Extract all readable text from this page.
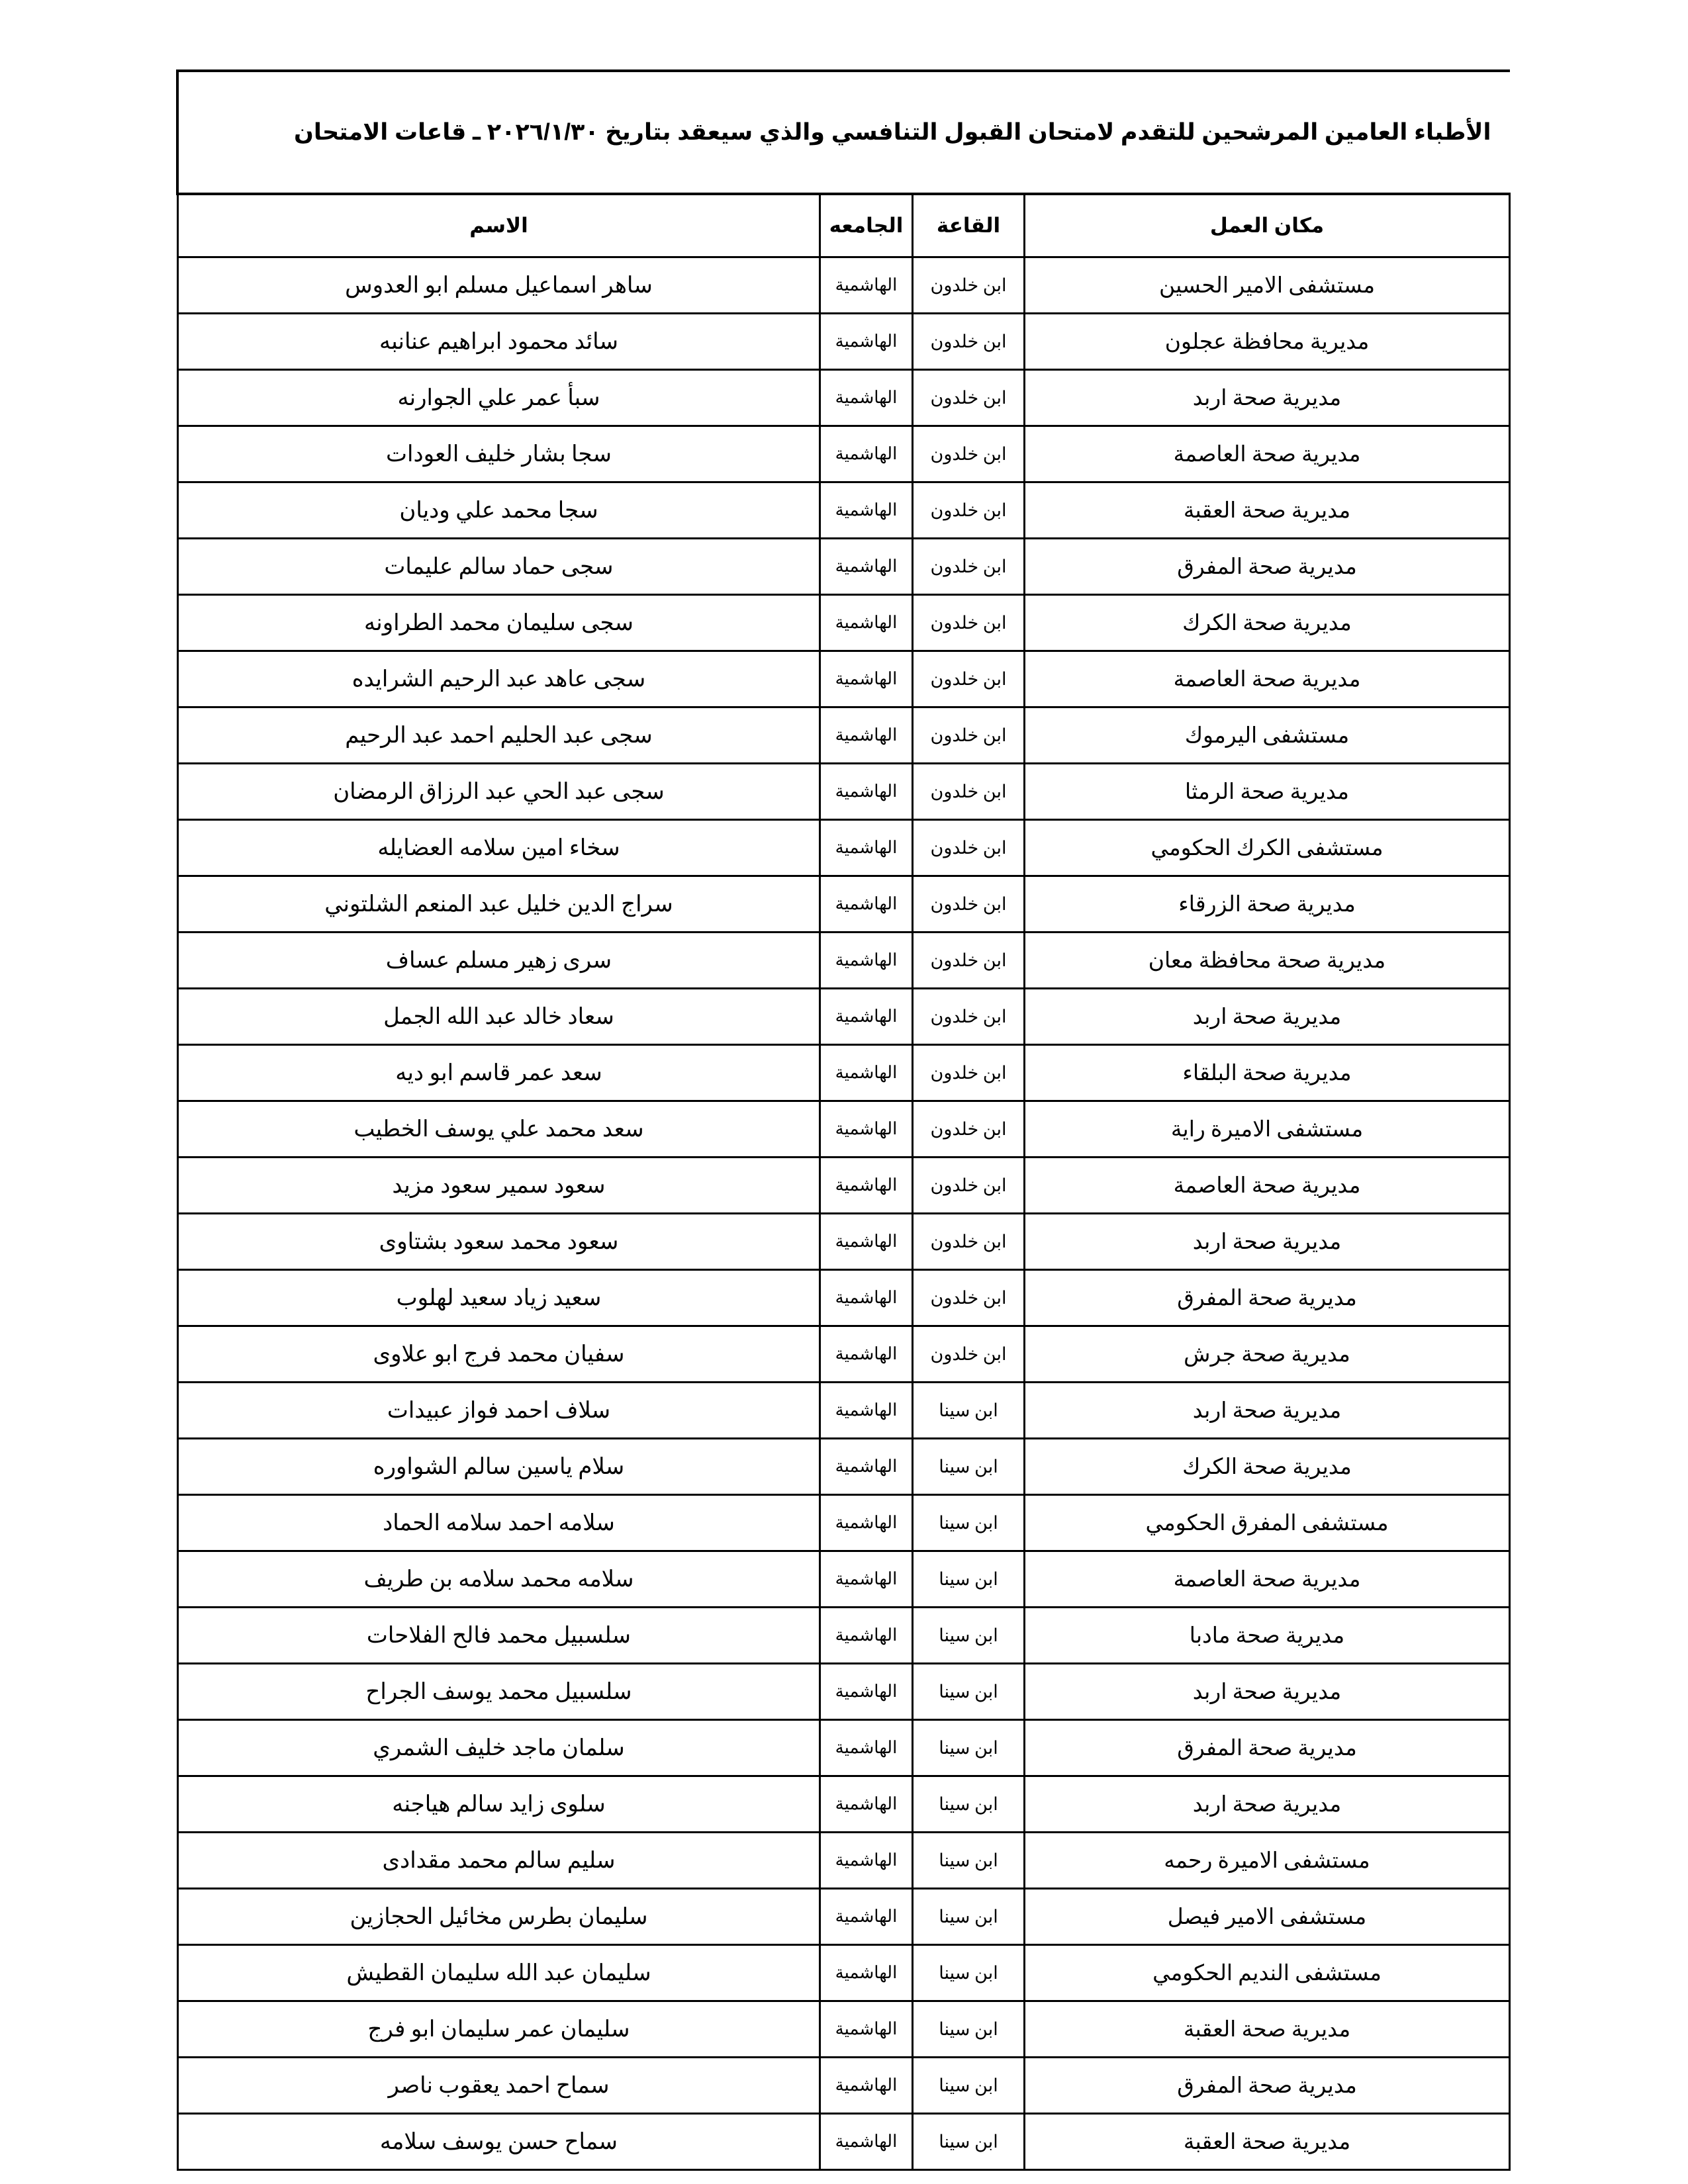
الأطباء العامين المرشحين للتقدم لامتحان القبول التنافسي والذي سيعقد بتاريخ ٢٠٢٦/١/٣٠ ـ قاعات الامتحان			

مكان العمل	القاعة	الجامعه	الاسم

مستشفى الامير الحسين	ابن خلدون	الهاشمية	ساهر اسماعيل مسلم ابو العدوس

مديرية محافظة عجلون	ابن خلدون	الهاشمية	سائد محمود ابراهيم عنانبه

مديرية صحة اربد	ابن خلدون	الهاشمية	سبأ عمر علي الجوارنه

مديرية صحة العاصمة	ابن خلدون	الهاشمية	سجا بشار خليف العودات

مديرية صحة العقبة	ابن خلدون	الهاشمية	سجا محمد علي وديان

مديرية صحة المفرق	ابن خلدون	الهاشمية	سجى حماد سالم عليمات

مديرية صحة الكرك	ابن خلدون	الهاشمية	سجى سليمان محمد الطراونه

مديرية صحة العاصمة	ابن خلدون	الهاشمية	سجى عاهد عبد الرحيم الشرايده

مستشفى اليرموك	ابن خلدون	الهاشمية	سجى عبد الحليم احمد عبد الرحيم

مديرية صحة الرمثا	ابن خلدون	الهاشمية	سجى عبد الحي عبد الرزاق الرمضان

مستشفى الكرك الحكومي	ابن خلدون	الهاشمية	سخاء امين سلامه العضايله

مديرية صحة الزرقاء	ابن خلدون	الهاشمية	سراج الدين خليل عبد المنعم الشلتوني

مديرية صحة محافظة معان	ابن خلدون	الهاشمية	سرى زهير مسلم عساف

مديرية صحة اربد	ابن خلدون	الهاشمية	سعاد خالد عبد الله الجمل

مديرية صحة البلقاء	ابن خلدون	الهاشمية	سعد عمر قاسم ابو ديه

مستشفى الاميرة راية	ابن خلدون	الهاشمية	سعد محمد علي يوسف الخطيب

مديرية صحة العاصمة	ابن خلدون	الهاشمية	سعود سمير سعود مزيد

مديرية صحة اربد	ابن خلدون	الهاشمية	سعود محمد سعود بشتاوى

مديرية صحة المفرق	ابن خلدون	الهاشمية	سعيد زياد سعيد لهلوب

مديرية صحة جرش	ابن خلدون	الهاشمية	سفيان محمد فرج ابو علاوى

مديرية صحة اربد	ابن سينا	الهاشمية	سلاف احمد فواز عبيدات

مديرية صحة الكرك	ابن سينا	الهاشمية	سلام ياسين سالم الشواوره

مستشفى المفرق الحكومي	ابن سينا	الهاشمية	سلامه احمد سلامه الحماد

مديرية صحة العاصمة	ابن سينا	الهاشمية	سلامه محمد سلامه بن طريف

مديرية صحة مادبا	ابن سينا	الهاشمية	سلسبيل محمد فالح الفلاحات

مديرية صحة اربد	ابن سينا	الهاشمية	سلسبيل محمد يوسف الجراح

مديرية صحة المفرق	ابن سينا	الهاشمية	سلمان ماجد خليف الشمري

مديرية صحة اربد	ابن سينا	الهاشمية	سلوى زايد سالم هياجنه

مستشفى الاميرة رحمه	ابن سينا	الهاشمية	سليم سالم محمد مقدادى

مستشفى الامير فيصل	ابن سينا	الهاشمية	سليمان بطرس مخائيل الحجازين

مستشفى النديم الحكومي	ابن سينا	الهاشمية	سليمان عبد الله سليمان القطيش

مديرية صحة العقبة	ابن سينا	الهاشمية	سليمان عمر سليمان ابو فرج

مديرية صحة المفرق	ابن سينا	الهاشمية	سماح احمد يعقوب ناصر

مديرية صحة العقبة	ابن سينا	الهاشمية	سماح حسن يوسف سلامه
